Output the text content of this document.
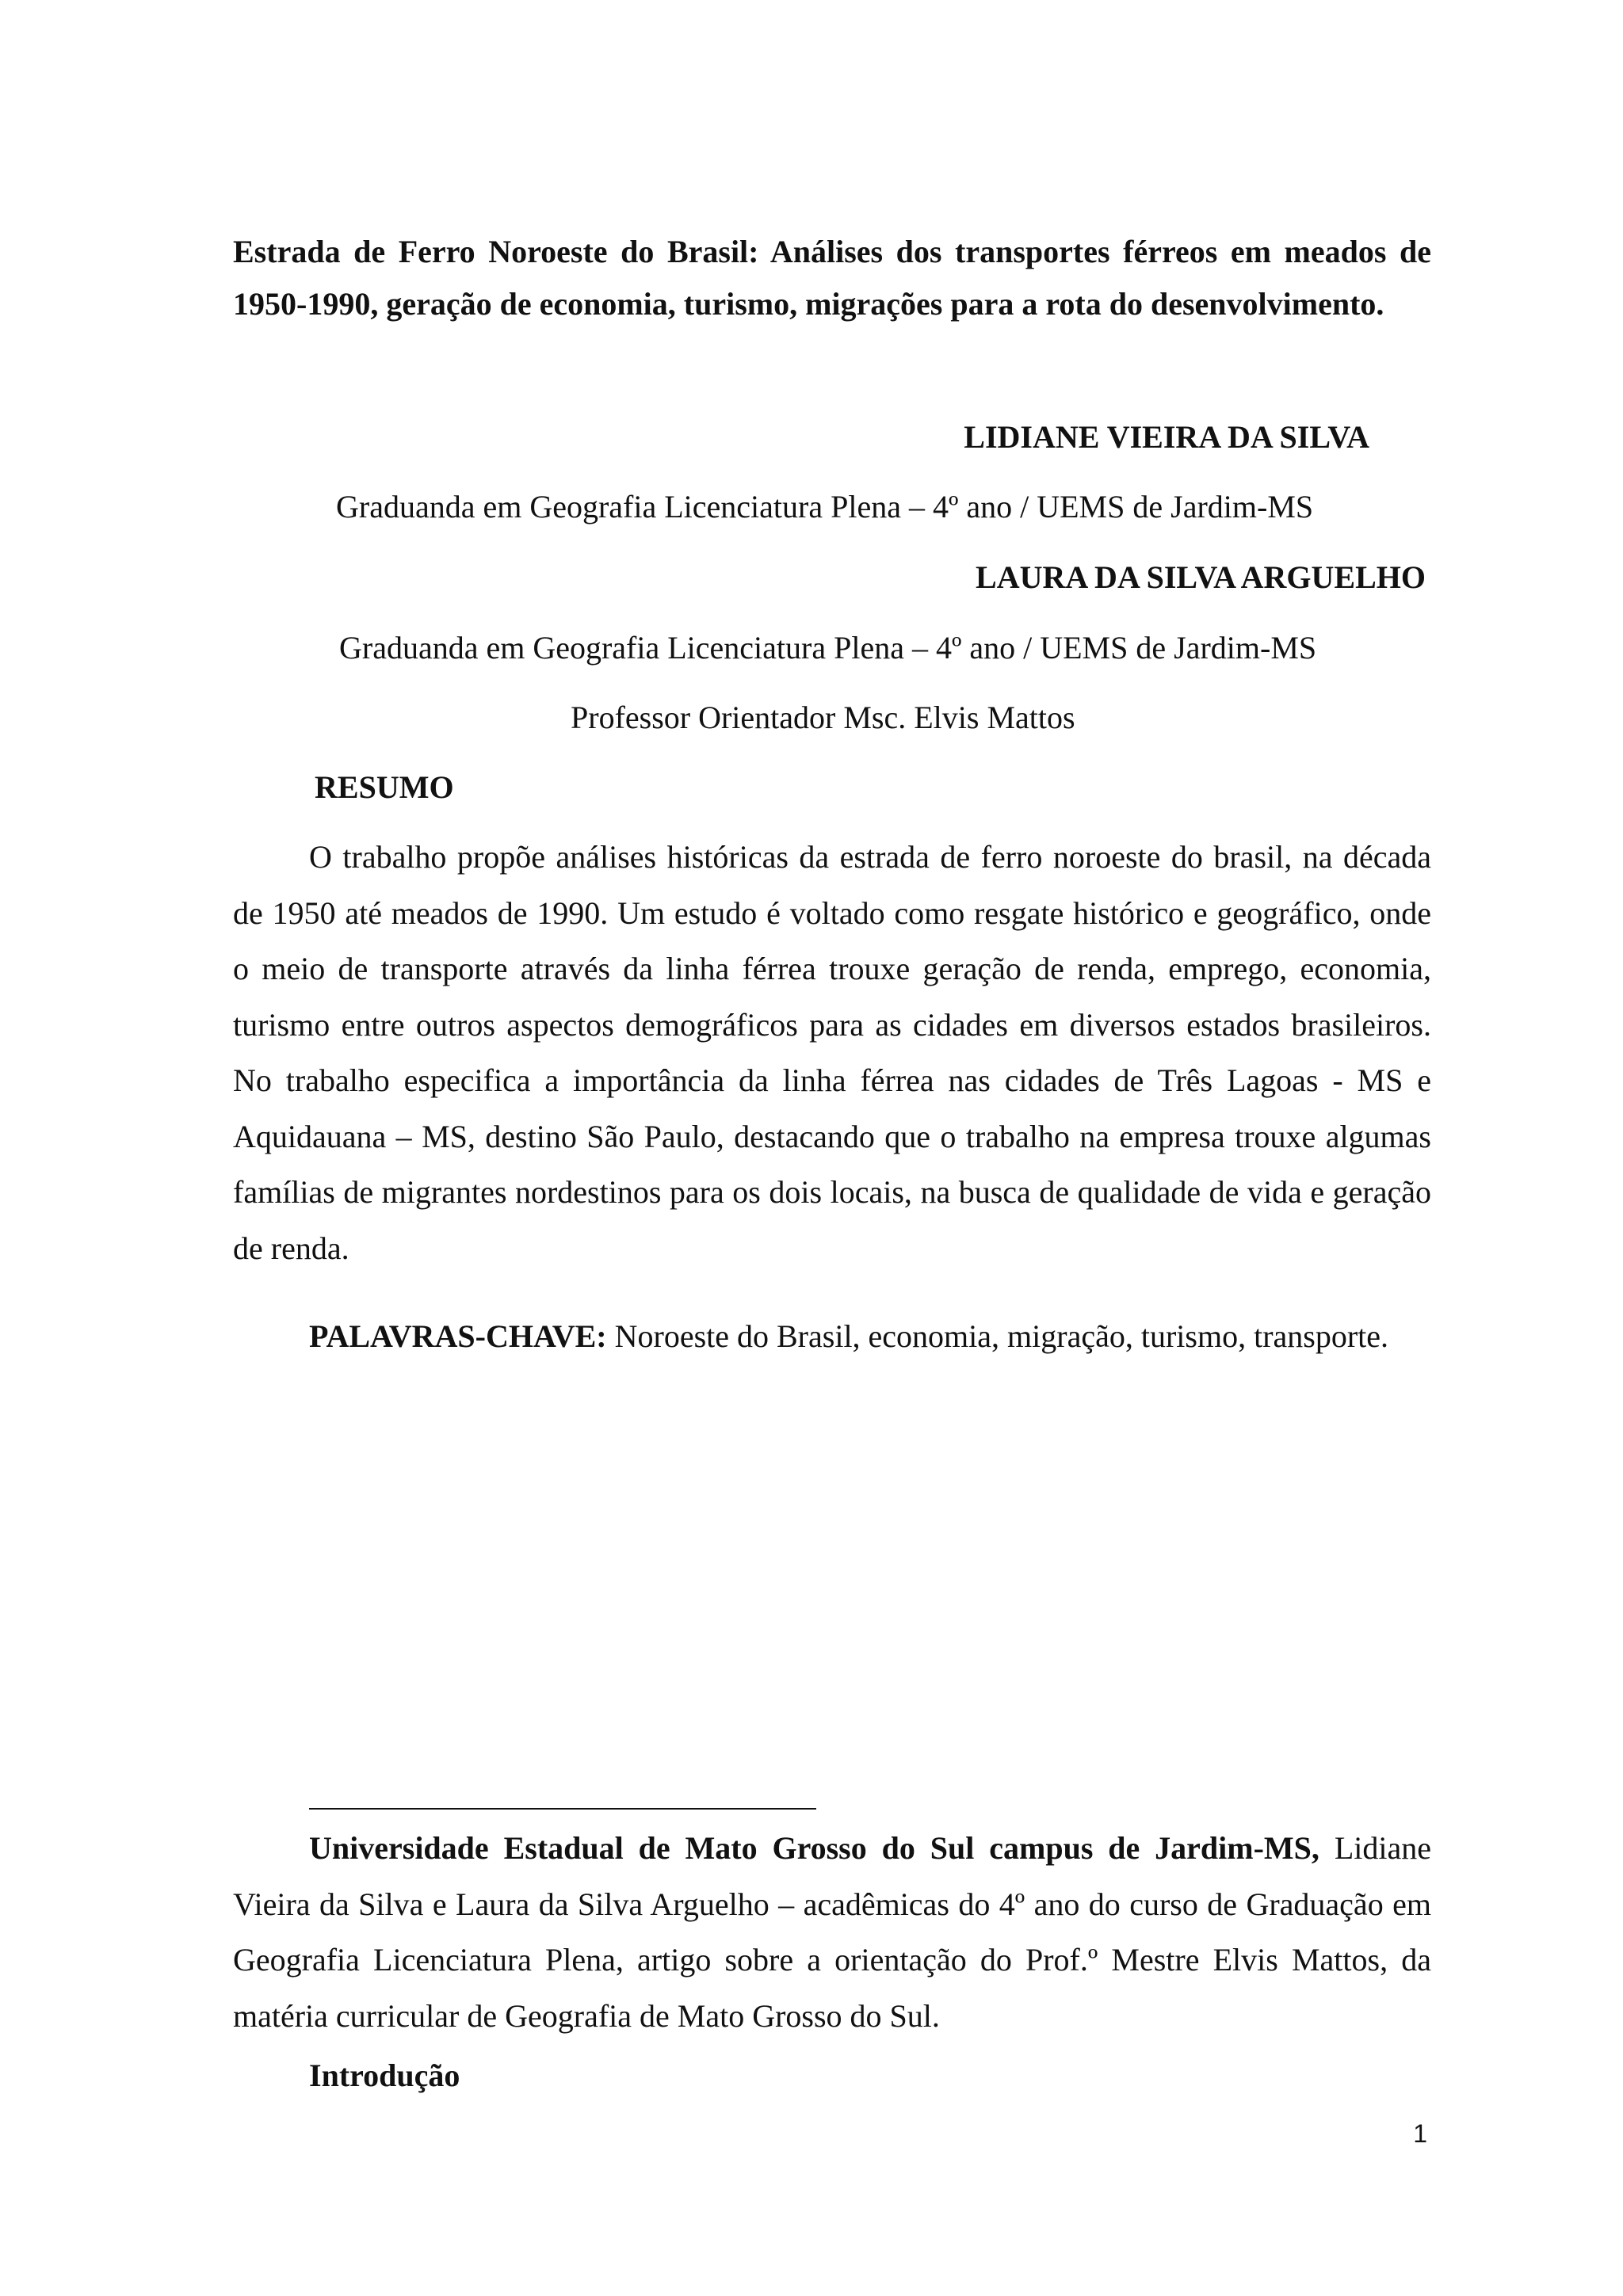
Estrada de Ferro Noroeste do Brasil: Análises dos transportes férreos em meados de 1950-1990, geração de economia, turismo, migrações para a rota do desenvolvimento.
LIDIANE VIEIRA DA SILVA
Graduanda em Geografia Licenciatura Plena – 4º ano / UEMS de Jardim-MS
LAURA DA SILVA ARGUELHO
Graduanda em Geografia Licenciatura Plena – 4º ano / UEMS de Jardim-MS
Professor Orientador Msc. Elvis Mattos
RESUMO

O trabalho propõe análises históricas da estrada de ferro noroeste do brasil, na década de 1950 até meados de 1990. Um estudo é voltado como resgate histórico e geográfico, onde o meio de transporte através da linha férrea trouxe geração de renda, emprego, economia, turismo entre outros aspectos demográficos para as cidades em diversos estados brasileiros. No trabalho especifica a importância da linha férrea nas cidades de Três Lagoas - MS e Aquidauana – MS, destino São Paulo, destacando que o trabalho na empresa trouxe algumas famílias de migrantes nordestinos para os dois locais, na busca de qualidade de vida e geração de renda.

PALAVRAS-CHAVE: Noroeste do Brasil, economia, migração, turismo, transporte.

Universidade Estadual de Mato Grosso do Sul campus de Jardim-MS, Lidiane Vieira da Silva e Laura da Silva Arguelho – acadêmicas do 4º ano do curso de Graduação em Geografia Licenciatura Plena, artigo sobre a orientação do Prof.º Mestre Elvis Mattos, da matéria curricular de Geografia de Mato Grosso do Sul.

Introdução
1
